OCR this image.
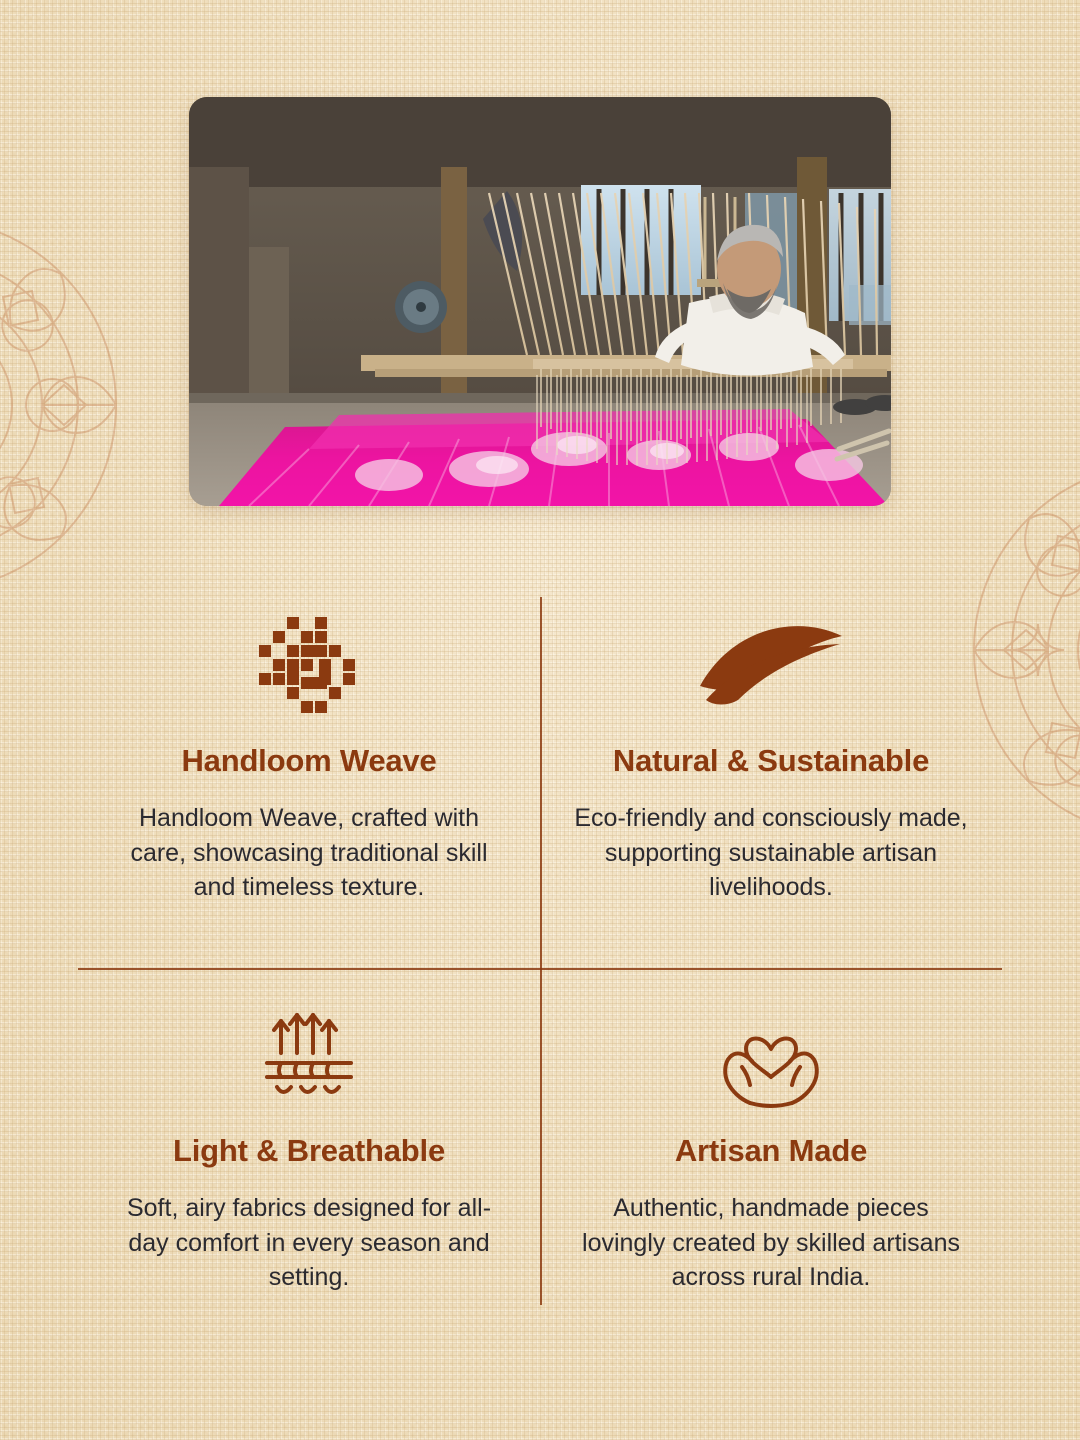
Handloom Weave
Handloom Weave, crafted with care, showcasing traditional skill and timeless texture.
Natural & Sustainable
Eco-friendly and consciously made, supporting sustainable artisan livelihoods.
Light & Breathable
Soft, airy fabrics designed for all-day comfort in every season and setting.
Artisan Made
Authentic, handmade pieces lovingly created by skilled artisans across rural India.
